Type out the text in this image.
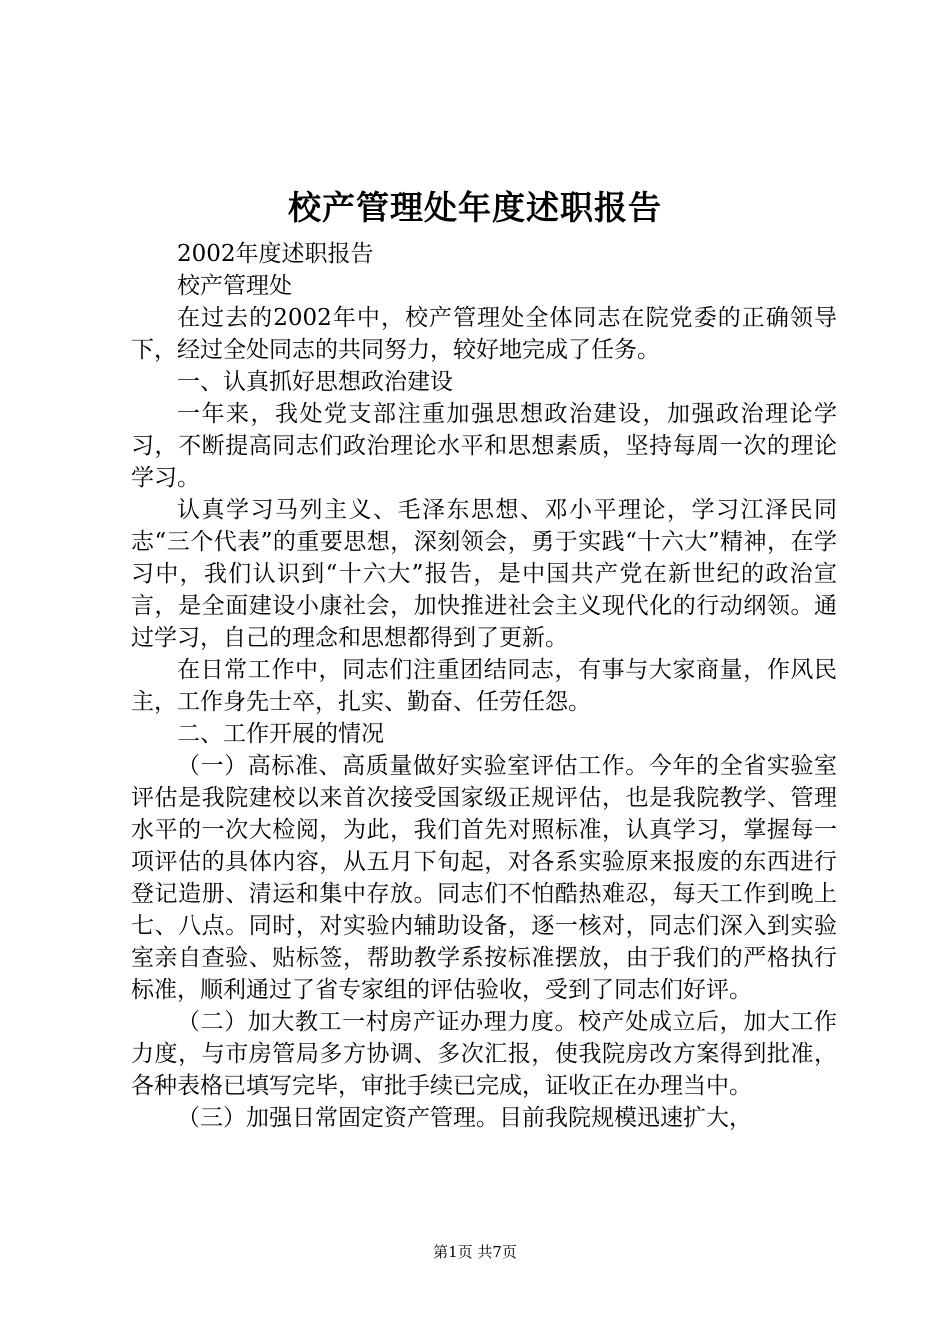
校产管理处年度述职报告

2002年度述职报告

校产管理处

在过去的2002年中，校产管理处全体同志在院党委的正确领导下，经过全处同志的共同努力，较好地完成了任务。

一、认真抓好思想政治建设

一年来，我处党支部注重加强思想政治建设，加强政治理论学习，不断提高同志们政治理论水平和思想素质，坚持每周一次的理论学习。

认真学习马列主义、毛泽东思想、邓小平理论，学习江泽民同志“三个代表”的重要思想，深刻领会，勇于实践“十六大”精神，在学习中，我们认识到“十六大”报告，是中国共产党在新世纪的政治宣言，是全面建设小康社会，加快推进社会主义现代化的行动纲领。通过学习，自己的理念和思想都得到了更新。

在日常工作中，同志们注重团结同志，有事与大家商量，作风民主，工作身先士卒，扎实、勤奋、任劳任怨。

二、工作开展的情况

（一）高标准、高质量做好实验室评估工作。今年的全省实验室评估是我院建校以来首次接受国家级正规评估，也是我院教学、管理水平的一次大检阅，为此，我们首先对照标准，认真学习，掌握每一项评估的具体内容，从五月下旬起，对各系实验原来报废的东西进行登记造册、清运和集中存放。同志们不怕酷热难忍，每天工作到晚上七、八点。同时，对实验内辅助设备，逐一核对，同志们深入到实验室亲自查验、贴标签，帮助教学系按标准摆放，由于我们的严格执行标准，顺利通过了省专家组的评估验收，受到了同志们好评。

（二）加大教工一村房产证办理力度。校产处成立后，加大工作力度，与市房管局多方协调、多次汇报，使我院房改方案得到批准，各种表格已填写完毕，审批手续已完成，证收正在办理当中。

（三）加强日常固定资产管理。目前我院规模迅速扩大，

第1页 共7页
